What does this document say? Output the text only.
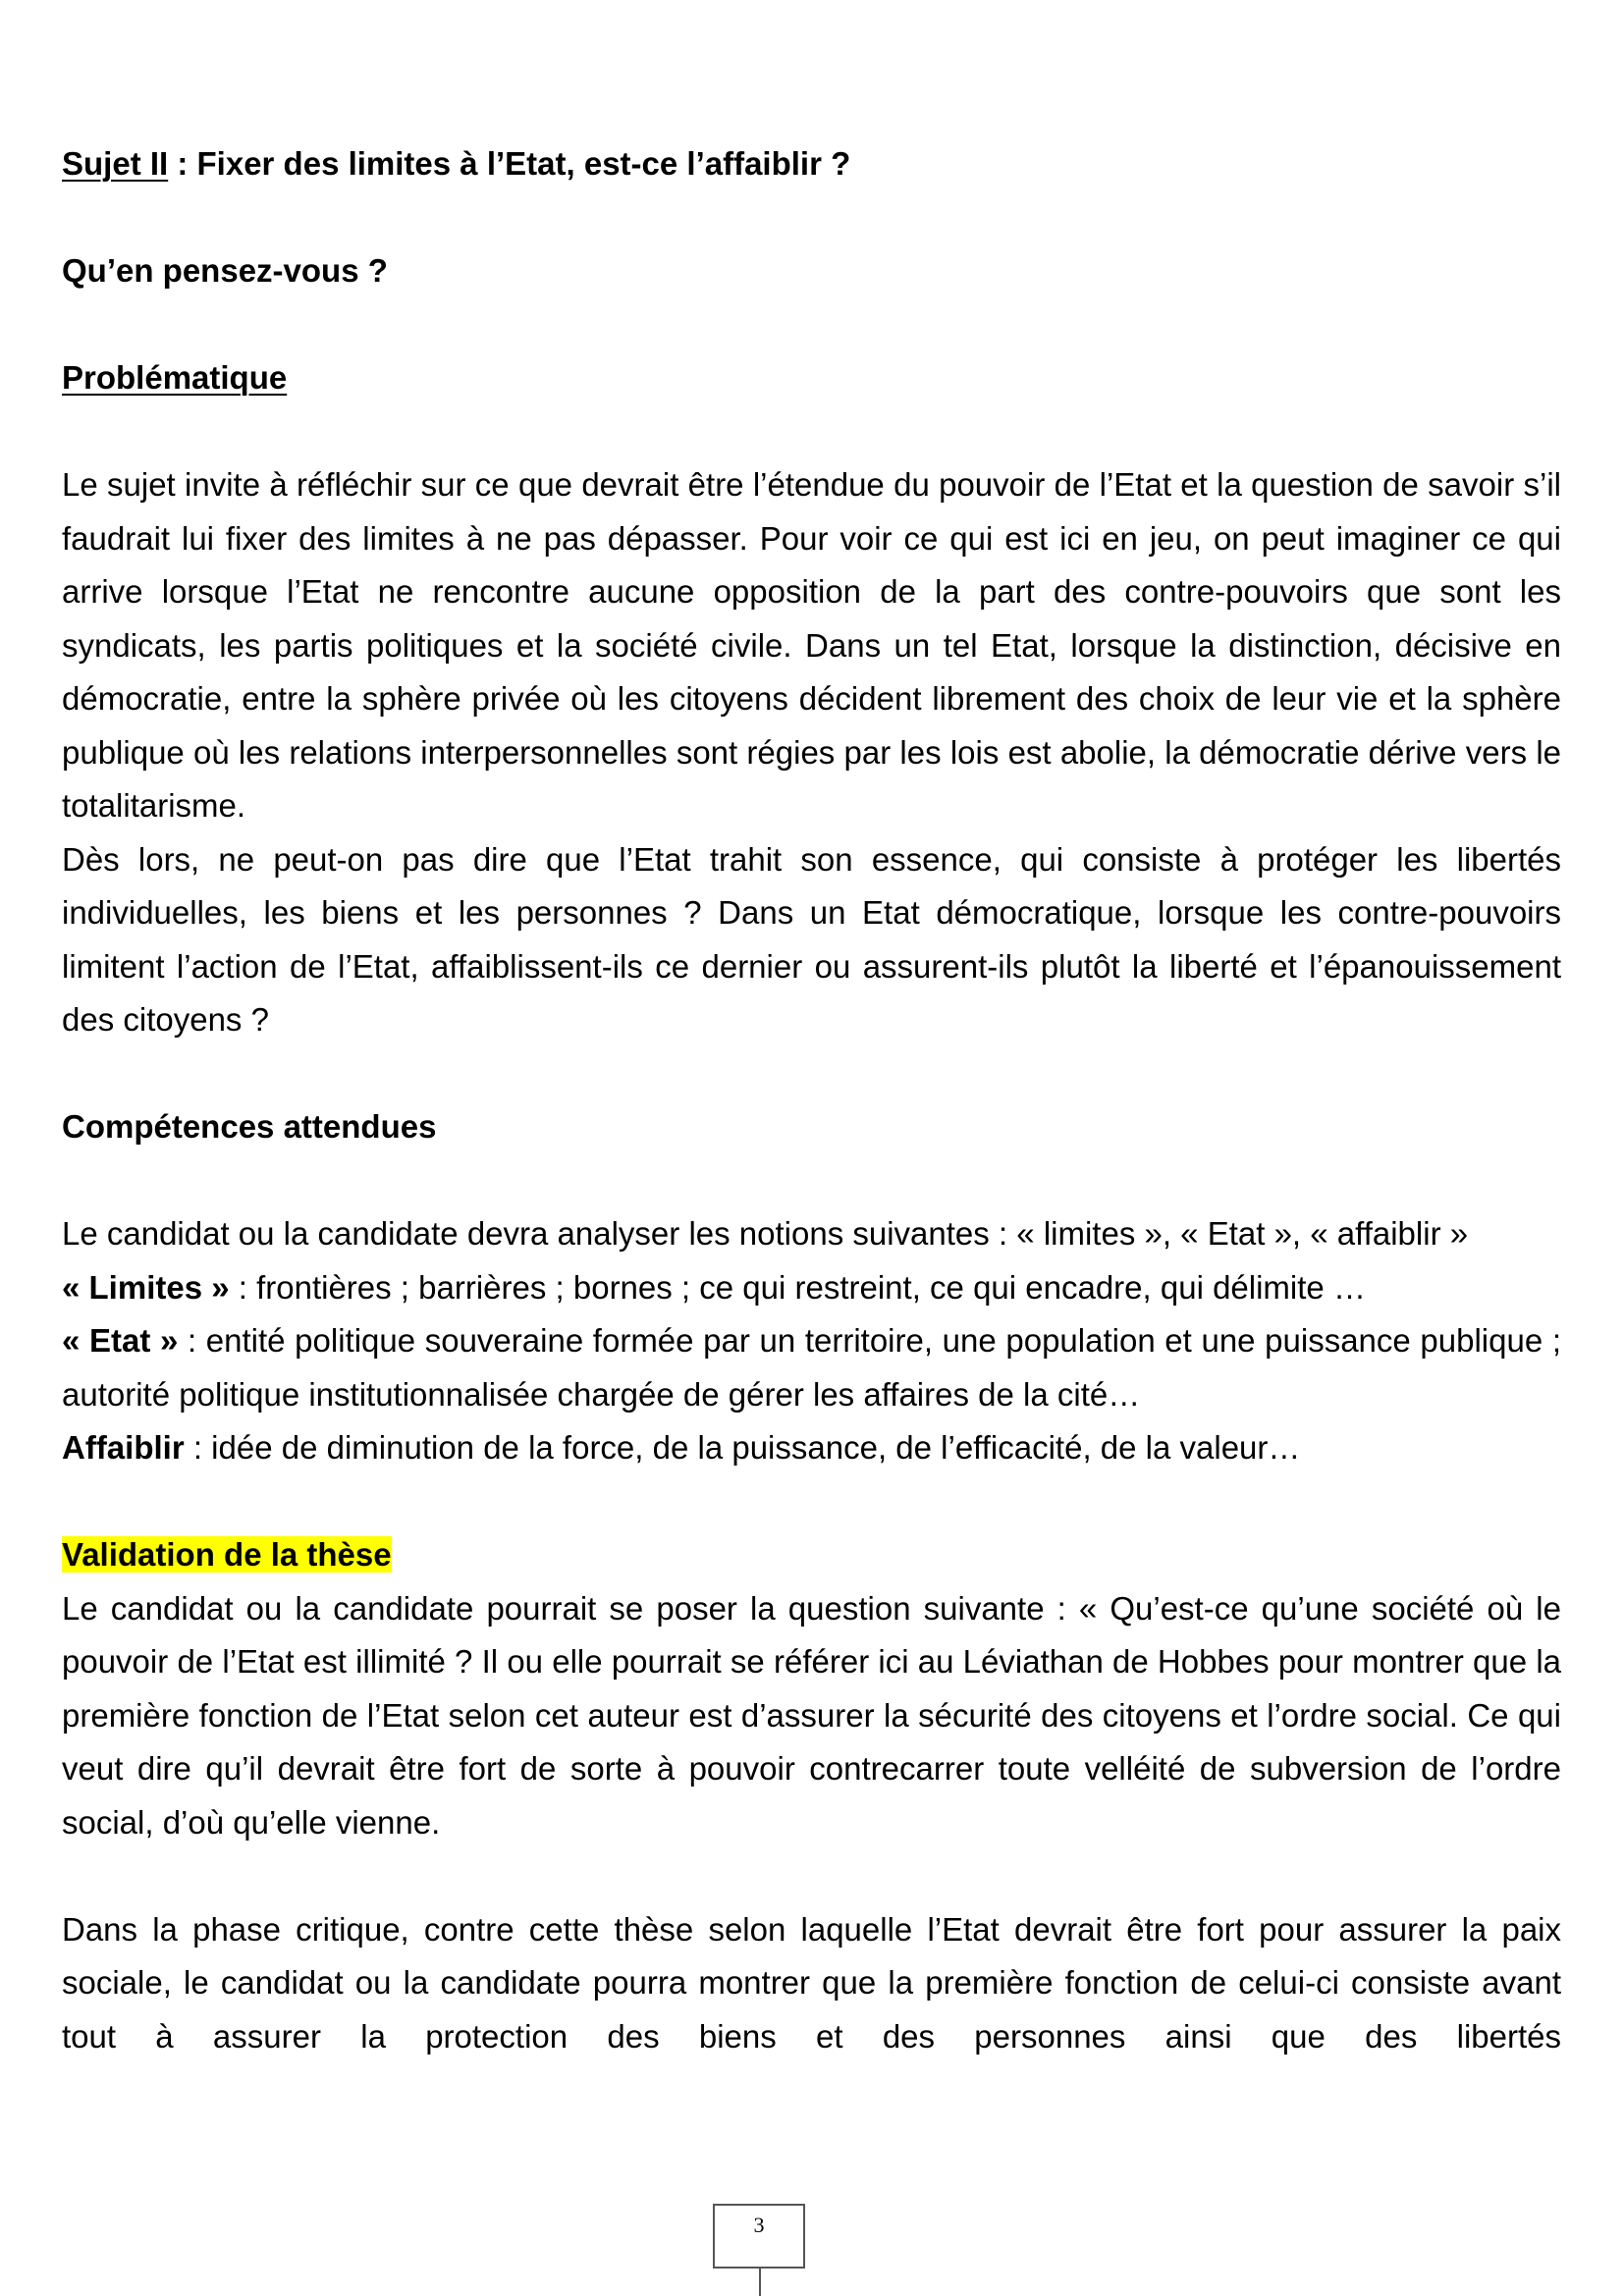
Sujet II : Fixer des limites à l’Etat, est-ce l’affaiblir ?

Qu’en pensez-vous ?

Problématique

Le sujet invite à réfléchir sur ce que devrait être l’étendue du pouvoir de l’Etat et la question de savoir s’il faudrait lui fixer des limites à ne pas dépasser. Pour voir ce qui est ici en jeu, on peut imaginer ce qui arrive lorsque l’Etat ne rencontre aucune opposition de la part des contre-pouvoirs que sont les syndicats, les partis politiques et la société civile. Dans un tel Etat, lorsque la distinction, décisive en démocratie, entre la sphère privée où les citoyens décident librement des choix de leur vie et la sphère publique où les relations interpersonnelles sont régies par les lois est abolie, la démocratie dérive vers le totalitarisme.

Dès lors, ne peut-on pas dire que l’Etat trahit son essence, qui consiste à protéger les libertés individuelles, les biens et les personnes ? Dans un Etat démocratique, lorsque les contre-pouvoirs limitent l’action de l’Etat, affaiblissent-ils ce dernier ou assurent-ils plutôt la liberté et l’épanouissement des citoyens ?

Compétences attendues

Le candidat ou la candidate devra analyser les notions suivantes : « limites », « Etat », « affaiblir »

« Limites » : frontières ; barrières ; bornes ; ce qui restreint, ce qui encadre, qui délimite …

« Etat » : entité politique souveraine formée par un territoire, une population et une puissance publique ; autorité politique institutionnalisée chargée de gérer les affaires de la cité…

Affaiblir : idée de diminution de la force, de la puissance, de l’efficacité, de la valeur…

Validation de la thèse

Le candidat ou la candidate pourrait se poser la question suivante : « Qu’est-ce qu’une société où le pouvoir de l’Etat est illimité ? Il ou elle pourrait se référer ici au Léviathan de Hobbes pour montrer que la première fonction de l’Etat selon cet auteur est d’assurer la sécurité des citoyens et l’ordre social. Ce qui veut dire qu’il devrait être fort de sorte à pouvoir contrecarrer toute velléité de subversion de l’ordre social, d’où qu’elle vienne.

Dans la phase critique, contre cette thèse selon laquelle l’Etat devrait être fort pour assurer la paix sociale, le candidat ou la candidate pourra montrer que la première fonction de celui-ci consiste avant tout à assurer la protection des biens et des personnes ainsi que des libertés

3
